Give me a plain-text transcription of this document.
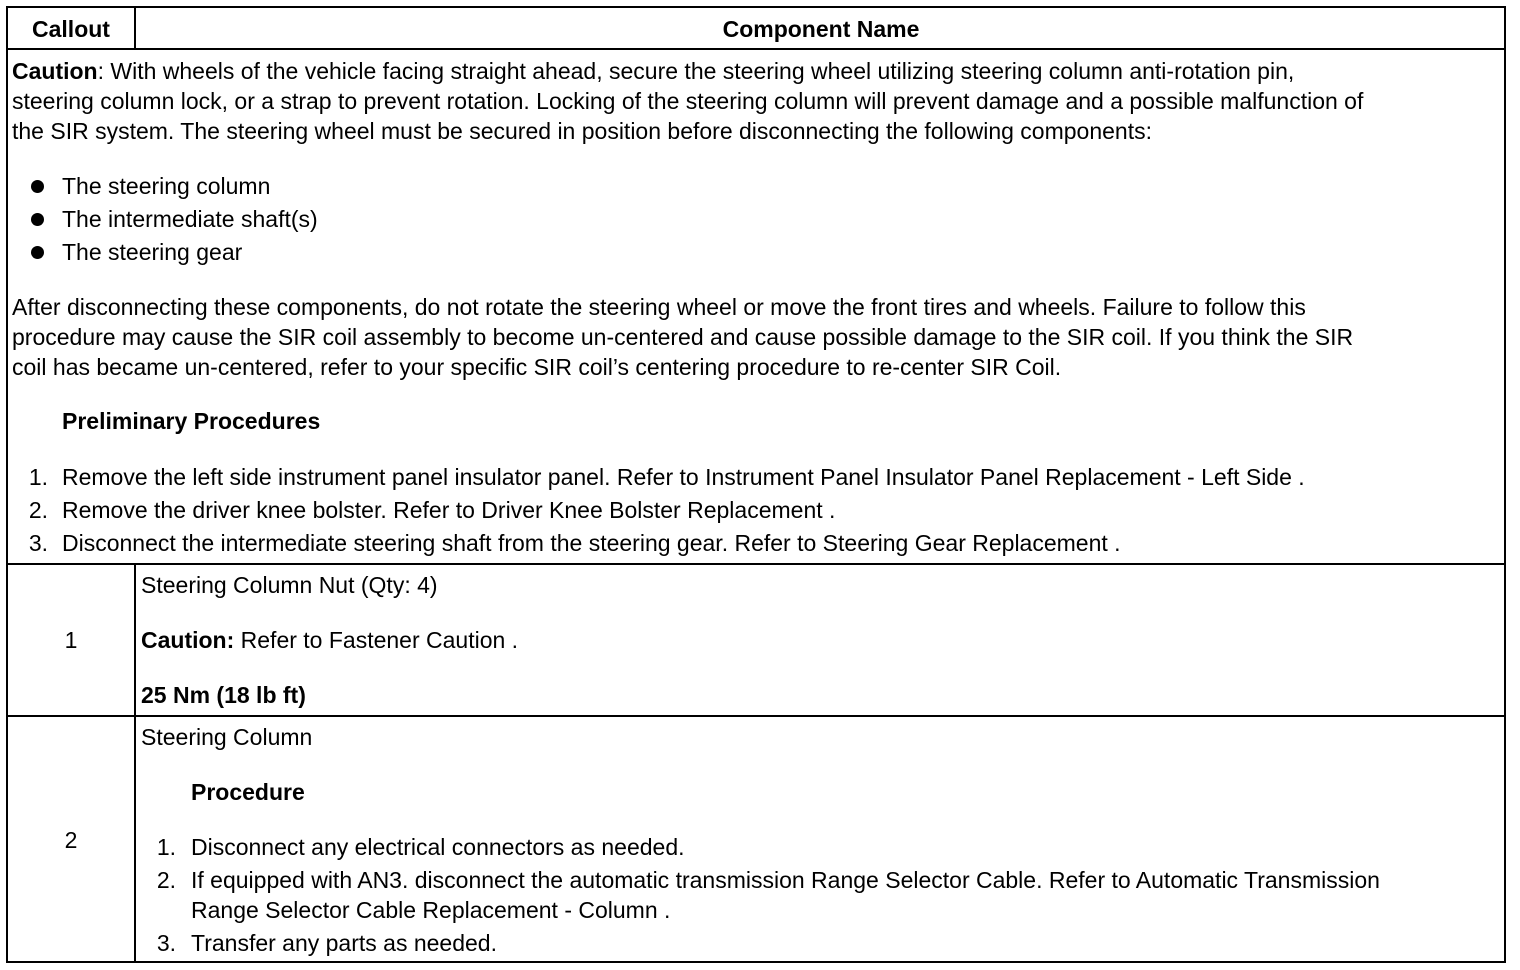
Callout	Component Name
Caution: With wheels of the vehicle facing straight ahead, secure the steering wheel utilizing steering column anti-rotation pin,
steering column lock, or a strap to prevent rotation. Locking of the steering column will prevent damage and a possible malfunction of
the SIR system. The steering wheel must be secured in position before disconnecting the following components:
The steering column
The intermediate shaft(s)
The steering gear
After disconnecting these components, do not rotate the steering wheel or move the front tires and wheels. Failure to follow this
procedure may cause the SIR coil assembly to become un-centered and cause possible damage to the SIR coil. If you think the SIR
coil has became un-centered, refer to your specific SIR coil’s centering procedure to re-center SIR Coil.
Preliminary Procedures
1. Remove the left side instrument panel insulator panel. Refer to Instrument Panel Insulator Panel Replacement - Left Side .
2. Remove the driver knee bolster. Refer to Driver Knee Bolster Replacement .
3. Disconnect the intermediate steering shaft from the steering gear. Refer to Steering Gear Replacement .
1
Steering Column Nut (Qty: 4)
Caution: Refer to Fastener Caution .
25 Nm (18 lb ft)
2
Steering Column
Procedure
1. Disconnect any electrical connectors as needed.
2. If equipped with AN3. disconnect the automatic transmission Range Selector Cable. Refer to Automatic Transmission
Range Selector Cable Replacement - Column .
3. Transfer any parts as needed.
